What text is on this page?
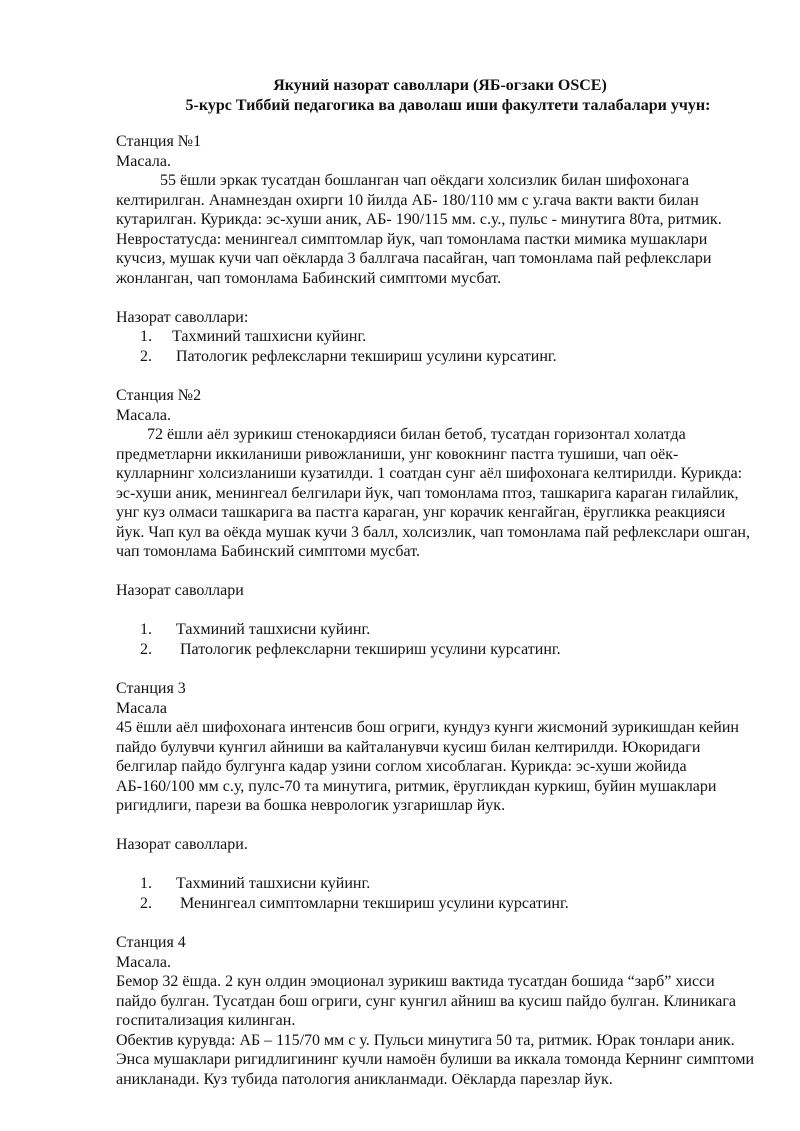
Якуний назорат саволлари (ЯБ-огзаки OSCE)
5-курс Тиббий педагогика ва даволаш иши факултети талабалари учун:

Станция №1

Масала.

55 ёшли эркак тусатдан бошланган чап оёкдаги холсизлик билан шифохонага келтирилган. Анамнездан охирги 10 йилда АБ- 180/110 мм с у.гача вакти вакти билан кутарилган. Курикда: эс-хуши аник, АБ- 190/115 мм. с.у., пульс - минутига 80та, ритмик. Невростатусда: менингеал симптомлар йук, чап томонлама пастки мимика мушаклари кучсиз, мушак кучи чап оёкларда 3 баллгача пасайган, чап томонлама пай рефлекслари жонланган, чап томонлама Бабинский симптоми мусбат.

Назорат саволлари:

1. Тахминий ташхисни куйинг.
2. Патологик рефлексларни текшириш усулини курсатинг.

Станция №2

Масала.

72 ёшли аёл зурикиш стенокардияси билан бетоб, тусатдан горизонтал холатда предметларни иккиланиши ривожланиши, унг ковокнинг пастга тушиши, чап оёк-кулларнинг холсизланиши кузатилди. 1 соатдан сунг аёл шифохонага келтирилди. Курикда: эс-хуши аник, менингеал белгилари йук, чап томонлама птоз, ташкарига караган гилайлик, унг куз олмаси ташкарига ва пастга караган, унг корачик кенгайган, ёругликка реакцияси йук. Чап кул ва оёкда мушак кучи 3 балл, холсизлик, чап томонлама пай рефлекслари ошган, чап томонлама Бабинский симптоми мусбат.

Назорат саволлари

1. Тахминий ташхисни куйинг.
2. Патологик рефлексларни текшириш усулини курсатинг.

Станция 3

Масала

45 ёшли аёл шифохонага интенсив бош огриги, кундуз кунги жисмоний зурикишдан кейин пайдо булувчи кунгил айниши ва кайталанувчи кусиш билан келтирилди. Юкоридаги белгилар пайдо булгунга кадар узини соглом хисоблаган. Курикда: эс-хуши жойида АБ-160/100 мм с.у, пулс-70 та минутига, ритмик, ёругликдан куркиш, буйин мушаклари ригидлиги, парези ва бошка неврологик узгаришлар йук.

Назорат саволлари.

1. Тахминий ташхисни куйинг.
2. Менингеал симптомларни текшириш усулини курсатинг.

Станция 4

Масала.

Бемор 32 ёшда. 2 кун олдин эмоционал зурикиш вактида тусатдан бошида “зарб” хисси пайдо булган. Тусатдан бош огриги, сунг кунгил айниш ва кусиш пайдо булган. Клиникага госпитализация килинган.

Обектив курувда: АБ – 115/70 мм с у. Пульси минутига 50 та, ритмик. Юрак тонлари аник. Энса мушаклари ригидлигининг кучли намоён булиши ва иккала томонда Кернинг симптоми аникланади. Куз тубида патология аникланмади. Оёкларда парезлар йук.
